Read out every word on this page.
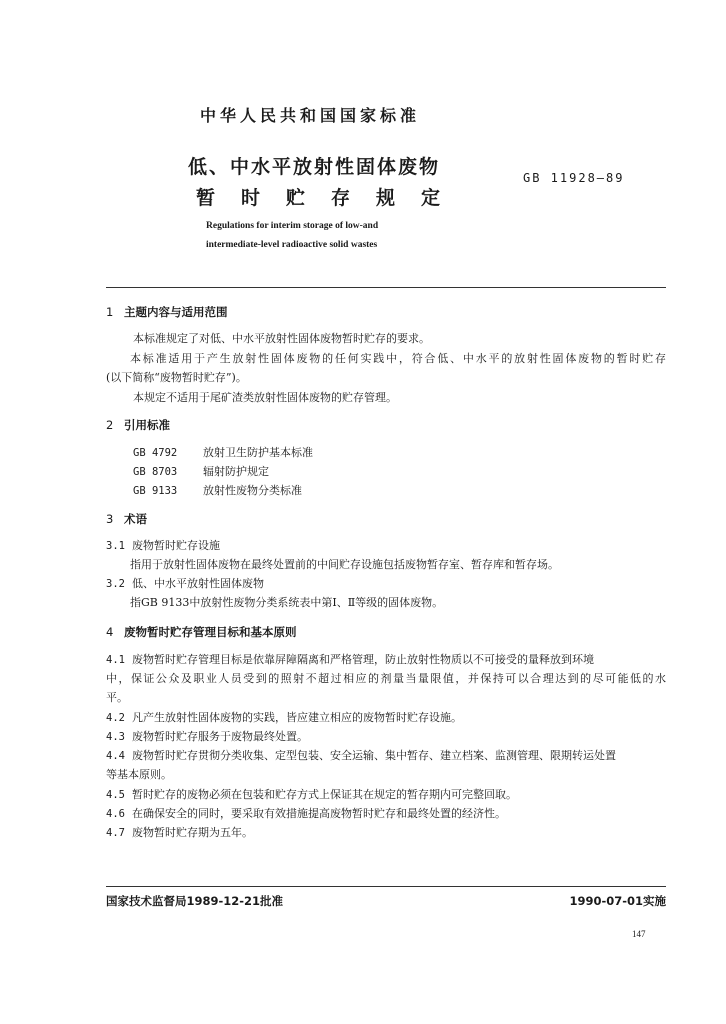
中华人民共和国国家标准
低、中水平放射性固体废物
暂时贮存规定
GB 11928—89
Regulations for interim storage of low-and
intermediate-level radioactive solid wastes
1 主题内容与适用范围
本标准规定了对低、中水平放射性固体废物暂时贮存的要求。
本标准适用于产生放射性固体废物的任何实践中，符合低、中水平的放射性固体废物的暂时贮存
(以下简称“废物暂时贮存”)。
本规定不适用于尾矿渣类放射性固体废物的贮存管理。
2 引用标准
GB 4792 放射卫生防护基本标准
GB 8703 辐射防护规定
GB 9133 放射性废物分类标准
3 术语
3.1 废物暂时贮存设施
指用于放射性固体废物在最终处置前的中间贮存设施包括废物暂存室、暂存库和暂存场。
3.2 低、中水平放射性固体废物
指GB 9133中放射性废物分类系统表中第Ⅰ、Ⅱ等级的固体废物。
4 废物暂时贮存管理目标和基本原则
4.1 废物暂时贮存管理目标是依靠屏障隔离和严格管理，防止放射性物质以不可接受的量释放到环境
中，保证公众及职业人员受到的照射不超过相应的剂量当量限值，并保持可以合理达到的尽可能低的水
平。
4.2 凡产生放射性固体废物的实践，皆应建立相应的废物暂时贮存设施。
4.3 废物暂时贮存服务于废物最终处置。
4.4 废物暂时贮存贯彻分类收集、定型包装、安全运输、集中暂存、建立档案、监测管理、限期转运处置
等基本原则。
4.5 暂时贮存的废物必须在包装和贮存方式上保证其在规定的暂存期内可完整回取。
4.6 在确保安全的同时，要采取有效措施提高废物暂时贮存和最终处置的经济性。
4.7 废物暂时贮存期为五年。
国家技术监督局1989-12-21批准	1990-07-01实施
147
